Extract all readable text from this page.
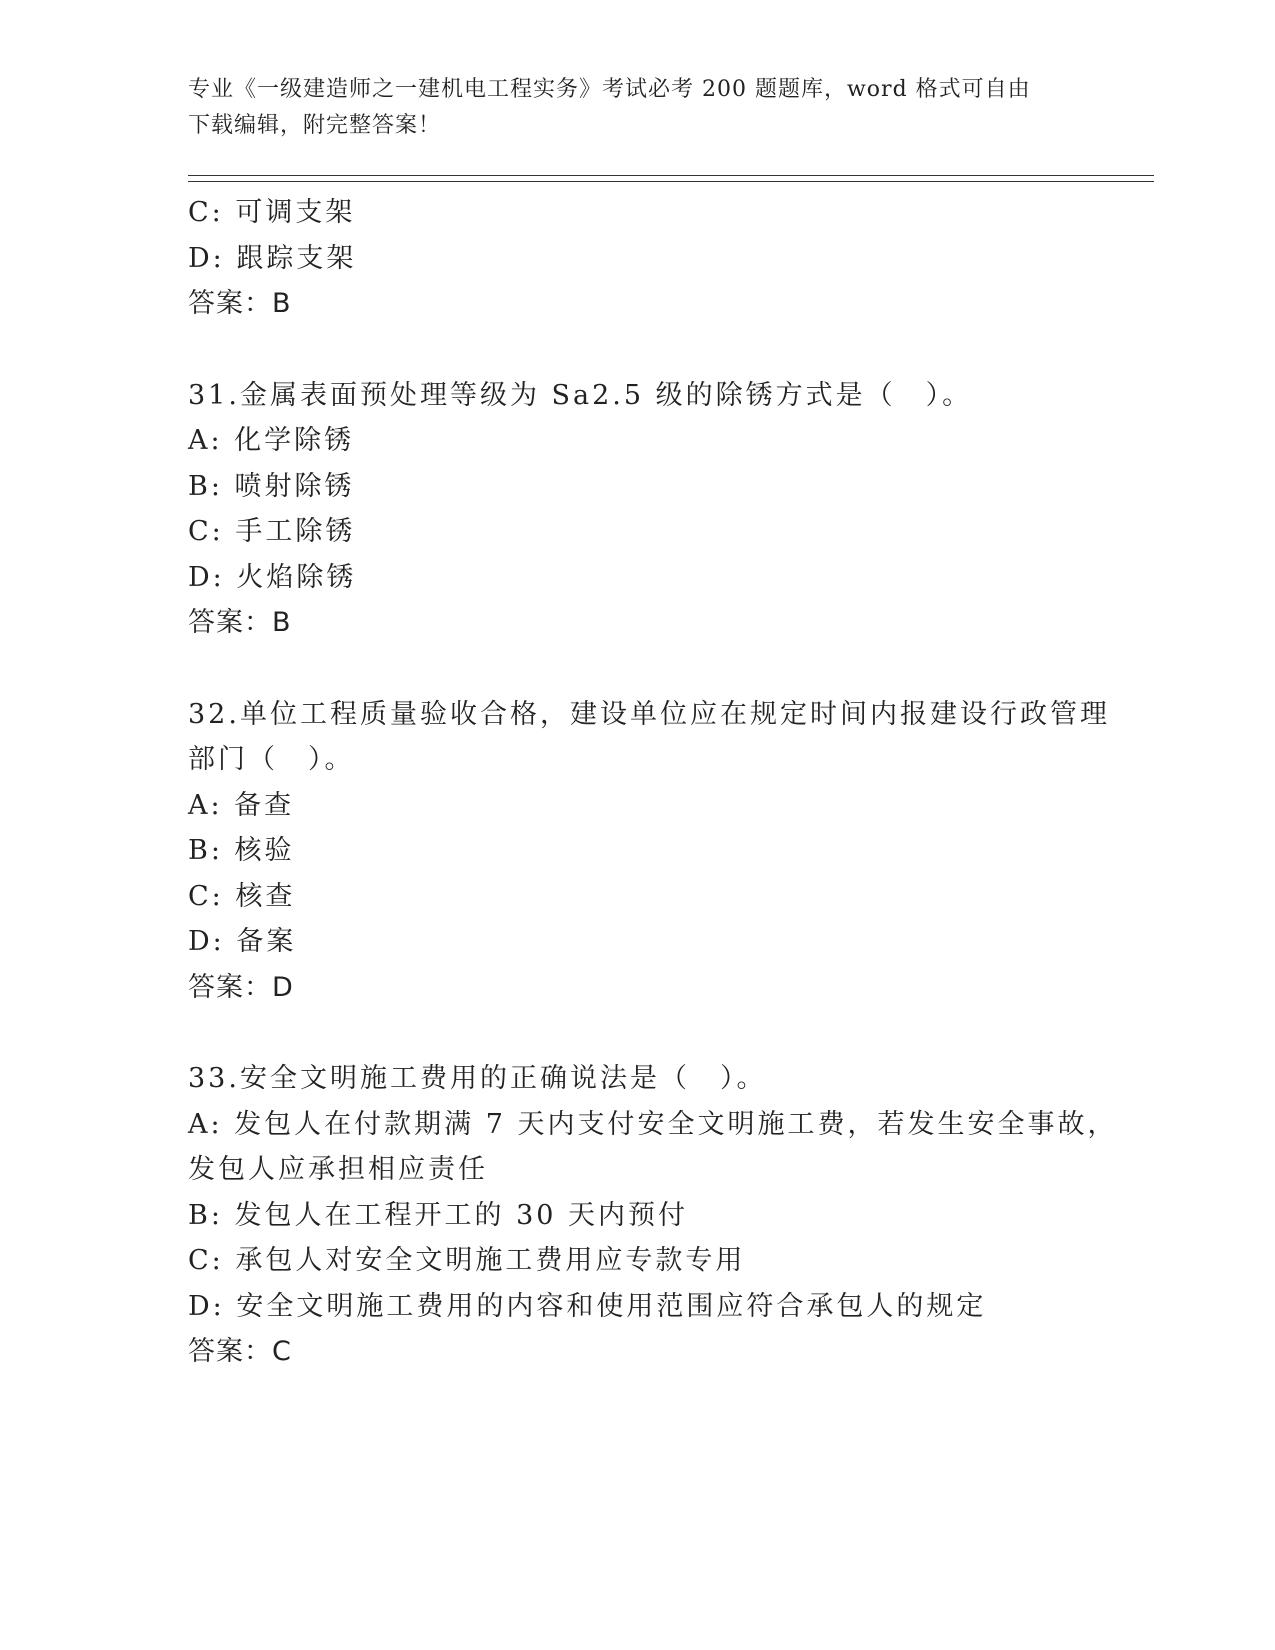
专业《一级建造师之一建机电工程实务》考试必考 200 题题库，word 格式可自由
下载编辑，附完整答案！
C: 可调支架
D: 跟踪支架
答案：B
31.金属表面预处理等级为 Sa2.5 级的除锈方式是（　）。
A: 化学除锈
B: 喷射除锈
C: 手工除锈
D: 火焰除锈
答案：B
32.单位工程质量验收合格，建设单位应在规定时间内报建设行政管理
部门（　）。
A: 备查
B: 核验
C: 核查
D: 备案
答案：D
33.安全文明施工费用的正确说法是（　）。
A: 发包人在付款期满 7 天内支付安全文明施工费，若发生安全事故，
发包人应承担相应责任
B: 发包人在工程开工的 30 天内预付
C: 承包人对安全文明施工费用应专款专用
D: 安全文明施工费用的内容和使用范围应符合承包人的规定
答案：C
